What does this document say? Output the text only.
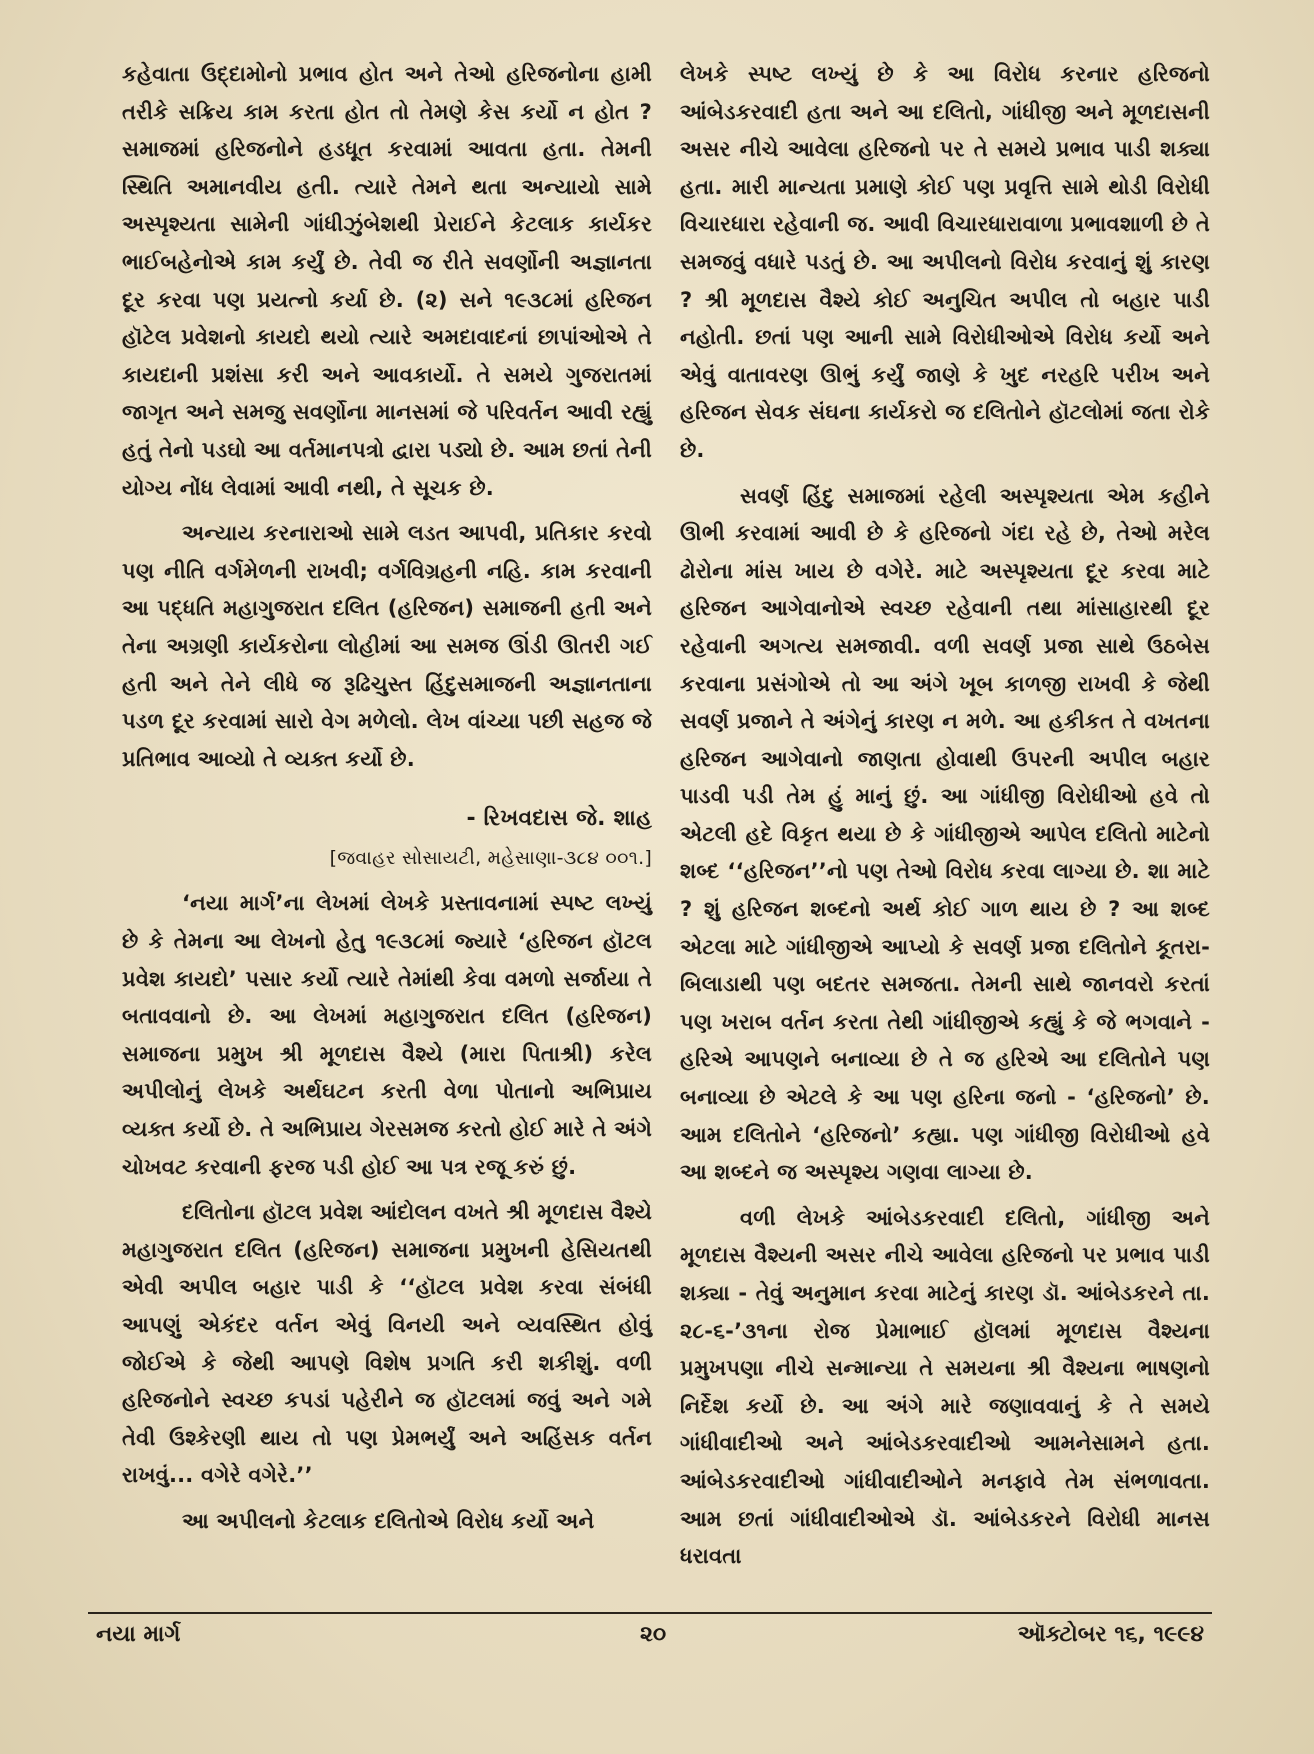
કહેવાતા ઉદ્દામોનો પ્રભાવ હોત અને તેઓ હરિજનોના હામી તરીકે સક્રિય કામ કરતા હોત તો તેમણે કેસ કર્યો ન હોત ? સમાજમાં હરિજનોને હડધૂત કરવામાં આવતા હતા. તેમની સ્થિતિ અમાનવીય હતી. ત્યારે તેમને થતા અન્યાયો સામે અસ્પૃશ્યતા સામેની ગાંધીઝુંબેશથી પ્રેરાઈને કેટલાક કાર્યકર ભાઈબહેનોએ કામ કર્યું છે. તેવી જ રીતે સવર્ણોની અજ્ઞાનતા દૂર કરવા પણ પ્રયત્નો કર્યા છે. (૨) સને ૧૯૩૮માં હરિજન હૉટેલ પ્રવેશનો કાયદો થયો ત્યારે અમદાવાદનાં છાપાંઓએ તે કાયદાની પ્રશંસા કરી અને આવકાર્યો. તે સમયે ગુજરાતમાં જાગૃત અને સમજુ સવર્ણોના માનસમાં જે પરિવર્તન આવી રહ્યું હતું તેનો પડઘો આ વર્તમાનપત્રો દ્વારા પડ્યો છે. આમ છતાં તેની યોગ્ય નોંધ લેવામાં આવી નથી, તે સૂચક છે.

અન્યાય કરનારાઓ સામે લડત આપવી, પ્રતિકાર કરવો પણ નીતિ વર્ગમેળની રાખવી; વર્ગવિગ્રહની નહિ. કામ કરવાની આ પદ્ધતિ મહાગુજરાત દલિત (હરિજન) સમાજની હતી અને તેના અગ્રણી કાર્યકરોના લોહીમાં આ સમજ ઊંડી ઊતરી ગઈ હતી અને તેને લીધે જ રૂઢિચુસ્ત હિંદુસમાજની અજ્ઞાનતાના પડળ દૂર કરવામાં સારો વેગ મળેલો. લેખ વાંચ્યા પછી સહજ જે પ્રતિભાવ આવ્યો તે વ્યક્ત કર્યો છે.

- રિખવદાસ જે. શાહ
[જવાહર સોસાયટી, મહેસાણા-૩૮૪ ૦૦૧.]

‘નયા માર્ગ’ના લેખમાં લેખકે પ્રસ્તાવનામાં સ્પષ્ટ લખ્યું છે કે તેમના આ લેખનો હેતુ ૧૯૩૮માં જ્યારે ‘હરિજન હૉટલ પ્રવેશ કાયદો’ પસાર કર્યો ત્યારે તેમાંથી કેવા વમળો સર્જાયા તે બતાવવાનો છે. આ લેખમાં મહાગુજરાત દલિત (હરિજન) સમાજના પ્રમુખ શ્રી મૂળદાસ વૈશ્યે (મારા પિતાશ્રી) કરેલ અપીલોનું લેખકે અર્થઘટન કરતી વેળા પોતાનો અભિપ્રાય વ્યક્ત કર્યો છે. તે અભિપ્રાય ગેરસમજ કરતો હોઈ મારે તે અંગે ચોખવટ કરવાની ફરજ પડી હોઈ આ પત્ર રજૂ કરું છું.

દલિતોના હૉટલ પ્રવેશ આંદોલન વખતે શ્રી મૂળદાસ વૈશ્યે મહાગુજરાત દલિત (હરિજન) સમાજના પ્રમુખની હેસિયતથી એવી અપીલ બહાર પાડી કે ‘‘હૉટલ પ્રવેશ કરવા સંબંધી આપણું એકંદર વર્તન એવું વિનયી અને વ્યવસ્થિત હોવું જોઈએ કે જેથી આપણે વિશેષ પ્રગતિ કરી શકીશું. વળી હરિજનોને સ્વચ્છ કપડાં પહેરીને જ હૉટલમાં જવું અને ગમે તેવી ઉશ્કેરણી થાય તો પણ પ્રેમભર્યું અને અહિંસક વર્તન રાખવું... વગેરે વગેરે.’’

આ અપીલનો કેટલાક દલિતોએ વિરોધ કર્યો અને

લેખકે સ્પષ્ટ લખ્યું છે કે આ વિરોધ કરનાર હરિજનો આંબેડકરવાદી હતા અને આ દલિતો, ગાંધીજી અને મૂળદાસની અસર નીચે આવેલા હરિજનો પર તે સમયે પ્રભાવ પાડી શક્યા હતા. મારી માન્યતા પ્રમાણે કોઈ પણ પ્રવૃત્તિ સામે થોડી વિરોધી વિચારધારા રહેવાની જ. આવી વિચારધારાવાળા પ્રભાવશાળી છે તે સમજવું વધારે પડતું છે. આ અપીલનો વિરોધ કરવાનું શું કારણ ? શ્રી મૂળદાસ વૈશ્યે કોઈ અનુચિત અપીલ તો બહાર પાડી નહોતી. છતાં પણ આની સામે વિરોધીઓએ વિરોધ કર્યો અને એવું વાતાવરણ ઊભું કર્યું જાણે કે ખુદ નરહરિ પરીખ અને હરિજન સેવક સંઘના કાર્યકરો જ દલિતોને હૉટલોમાં જતા રોકે છે.

સવર્ણ હિંદુ સમાજમાં રહેલી અસ્પૃશ્યતા એમ કહીને ઊભી કરવામાં આવી છે કે હરિજનો ગંદા રહે છે, તેઓ મરેલ ઢોરોના માંસ ખાય છે વગેરે. માટે અસ્પૃશ્યતા દૂર કરવા માટે હરિજન આગેવાનોએ સ્વચ્છ રહેવાની તથા માંસાહારથી દૂર રહેવાની અગત્ય સમજાવી. વળી સવર્ણ પ્રજા સાથે ઉઠબેસ કરવાના પ્રસંગોએ તો આ અંગે ખૂબ કાળજી રાખવી કે જેથી સવર્ણ પ્રજાને તે અંગેનું કારણ ન મળે. આ હકીકત તે વખતના હરિજન આગેવાનો જાણતા હોવાથી ઉપરની અપીલ બહાર પાડવી પડી તેમ હું માનું છું. આ ગાંધીજી વિરોધીઓ હવે તો એટલી હદે વિકૃત થયા છે કે ગાંધીજીએ આપેલ દલિતો માટેનો શબ્દ ‘‘હરિજન’’નો પણ તેઓ વિરોધ કરવા લાગ્યા છે. શા માટે ? શું હરિજન શબ્દનો અર્થ કોઈ ગાળ થાય છે ? આ શબ્દ એટલા માટે ગાંધીજીએ આપ્યો કે સવર્ણ પ્રજા દલિતોને કૂતરા-બિલાડાથી પણ બદતર સમજતા. તેમની સાથે જાનવરો કરતાં પણ ખરાબ વર્તન કરતા તેથી ગાંધીજીએ કહ્યું કે જે ભગવાને - હરિએ આપણને બનાવ્યા છે તે જ હરિએ આ દલિતોને પણ બનાવ્યા છે એટલે કે આ પણ હરિના જનો - ‘હરિજનો’ છે. આમ દલિતોને ‘હરિજનો’ કહ્યા. પણ ગાંધીજી વિરોધીઓ હવે આ શબ્દને જ અસ્પૃશ્ય ગણવા લાગ્યા છે.

વળી લેખકે આંબેડકરવાદી દલિતો, ગાંધીજી અને મૂળદાસ વૈશ્યની અસર નીચે આવેલા હરિજનો પર પ્રભાવ પાડી શક્યા - તેવું અનુમાન કરવા માટેનું કારણ ડૉ. આંબેડકરને તા. ૨૮-૬-’૩૧ના રોજ પ્રેમાભાઈ હૉલમાં મૂળદાસ વૈશ્યના પ્રમુખપણા નીચે સન્માન્યા તે સમયના શ્રી વૈશ્યના ભાષણનો નિર્દેશ કર્યો છે. આ અંગે મારે જણાવવાનું કે તે સમયે ગાંધીવાદીઓ અને આંબેડકરવાદીઓ આમનેસામને હતા. આંબેડકરવાદીઓ ગાંધીવાદીઓને મનફાવે તેમ સંભળાવતા. આમ છતાં ગાંધીવાદીઓએ ડૉ. આંબેડકરને વિરોધી માનસ ધરાવતા

નયા માર્ગ	૨૦	ઑક્ટોબર ૧૬, ૧૯૯૪
